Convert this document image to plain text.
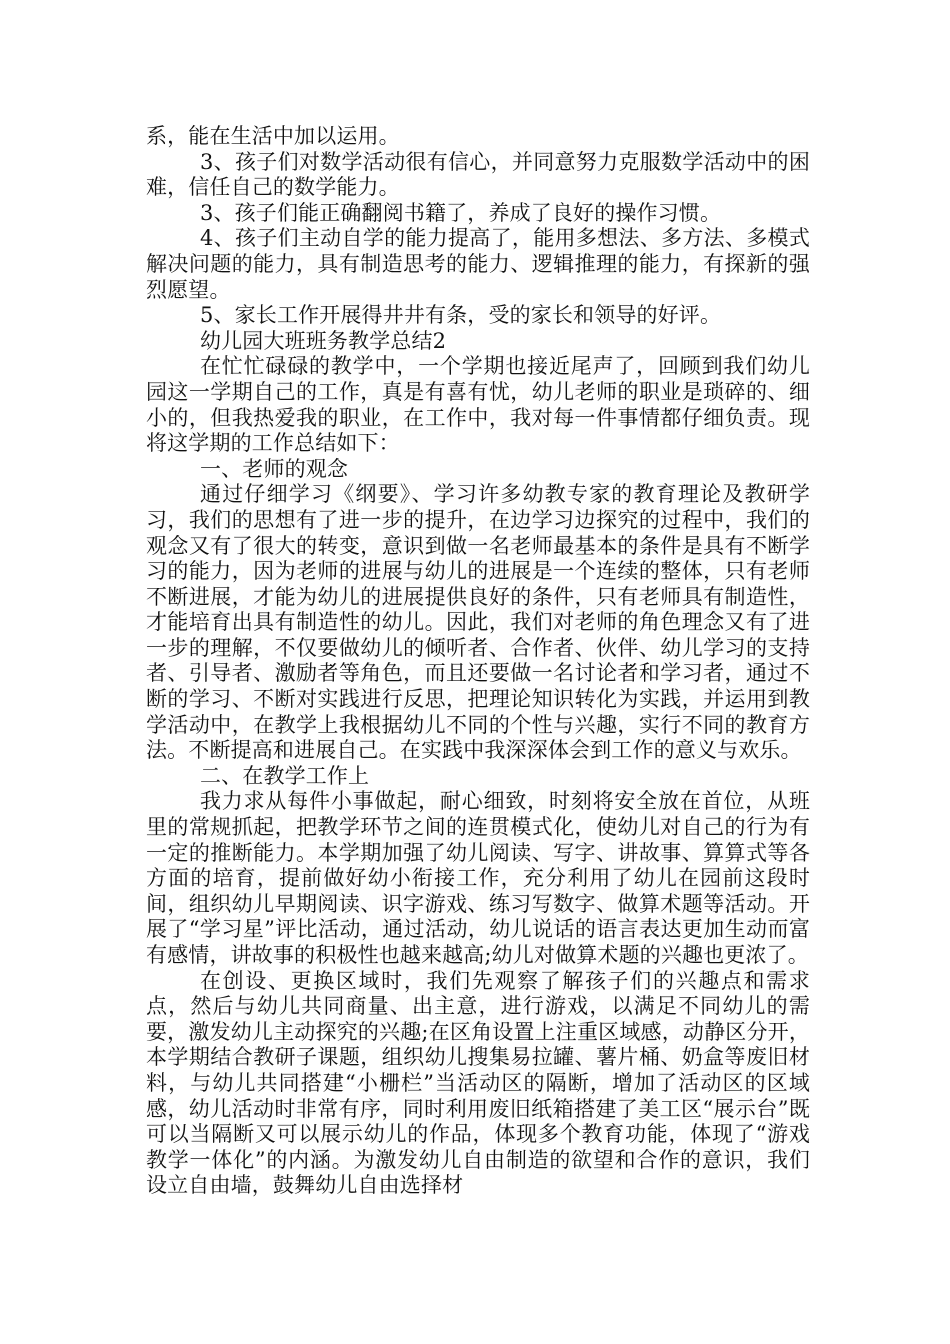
系，能在生活中加以运用。

3、孩子们对数学活动很有信心，并同意努力克服数学活动中的困难，信任自己的数学能力。

3、孩子们能正确翻阅书籍了，养成了良好的操作习惯。

4、孩子们主动自学的能力提高了，能用多想法、多方法、多模式解决问题的能力，具有制造思考的能力、逻辑推理的能力，有探新的强烈愿望。

5、家长工作开展得井井有条，受的家长和领导的好评。

幼儿园大班班务教学总结2

在忙忙碌碌的教学中，一个学期也接近尾声了，回顾到我们幼儿园这一学期自己的工作，真是有喜有忧，幼儿老师的职业是琐碎的、细小的，但我热爱我的职业，在工作中，我对每一件事情都仔细负责。现将这学期的工作总结如下：

一、老师的观念

通过仔细学习《纲要》、学习许多幼教专家的教育理论及教研学习，我们的思想有了进一步的提升，在边学习边探究的过程中，我们的观念又有了很大的转变，意识到做一名老师最基本的条件是具有不断学习的能力，因为老师的进展与幼儿的进展是一个连续的整体，只有老师不断进展，才能为幼儿的进展提供良好的条件，只有老师具有制造性，才能培育出具有制造性的幼儿。因此，我们对老师的角色理念又有了进一步的理解，不仅要做幼儿的倾听者、合作者、伙伴、幼儿学习的支持者、引导者、激励者等角色，而且还要做一名讨论者和学习者，通过不断的学习、不断对实践进行反思，把理论知识转化为实践，并运用到教学活动中，在教学上我根据幼儿不同的个性与兴趣，实行不同的教育方法。不断提高和进展自己。在实践中我深深体会到工作的意义与欢乐。

二、在教学工作上

我力求从每件小事做起，耐心细致，时刻将安全放在首位，从班里的常规抓起，把教学环节之间的连贯模式化，使幼儿对自己的行为有一定的推断能力。本学期加强了幼儿阅读、写字、讲故事、算算式等各方面的培育，提前做好幼小衔接工作，充分利用了幼儿在园前这段时间，组织幼儿早期阅读、识字游戏、练习写数字、做算术题等活动。开展了“学习星”评比活动，通过活动，幼儿说话的语言表达更加生动而富有感情，讲故事的积极性也越来越高;幼儿对做算术题的兴趣也更浓了。

在创设、更换区域时，我们先观察了解孩子们的兴趣点和需求点，然后与幼儿共同商量、出主意，进行游戏，以满足不同幼儿的需要，激发幼儿主动探究的兴趣;在区角设置上注重区域感，动静区分开，本学期结合教研子课题，组织幼儿搜集易拉罐、薯片桶、奶盒等废旧材料，与幼儿共同搭建“小栅栏”当活动区的隔断，增加了活动区的区域感，幼儿活动时非常有序，同时利用废旧纸箱搭建了美工区“展示台”既可以当隔断又可以展示幼儿的作品，体现多个教育功能，体现了“游戏教学一体化”的内涵。为激发幼儿自由制造的欲望和合作的意识，我们设立自由墙，鼓舞幼儿自由选择材
